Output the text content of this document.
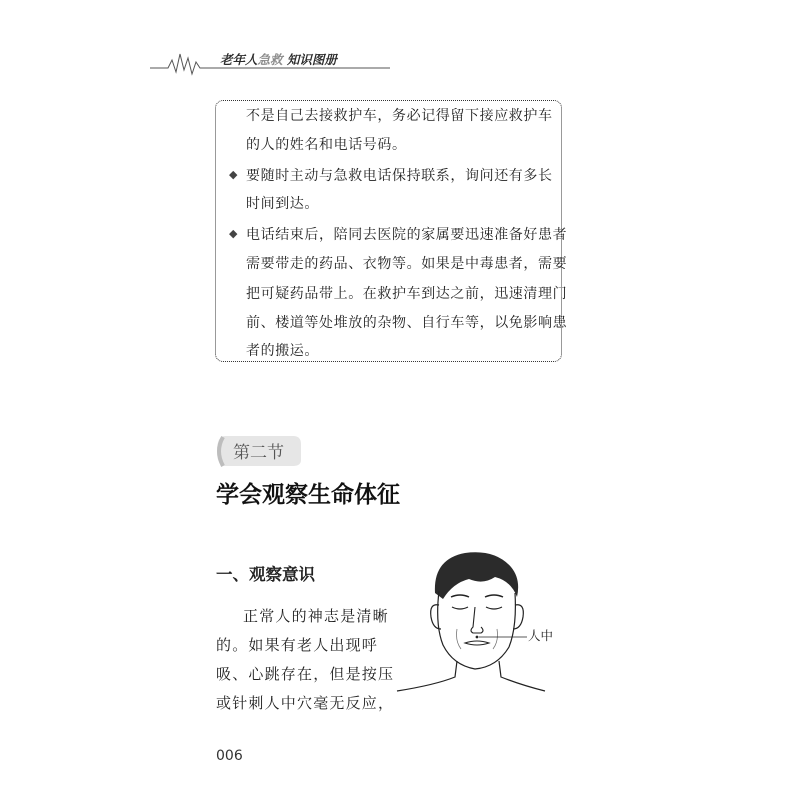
老年人急救 知识图册
不是自己去接救护车，务必记得留下接应救护车
的人的姓名和电话号码。
◆ 要随时主动与急救电话保持联系，询问还有多长
时间到达。
◆ 电话结束后，陪同去医院的家属要迅速准备好患者
需要带走的药品、衣物等。如果是中毒患者，需要
把可疑药品带上。在救护车到达之前，迅速清理门
前、楼道等处堆放的杂物、自行车等，以免影响患
者的搬运。
第二节
学会观察生命体征
一、观察意识
正常人的神志是清晰
的。如果有老人出现呼
吸、心跳存在，但是按压
或针刺人中穴毫无反应，
人中
006
